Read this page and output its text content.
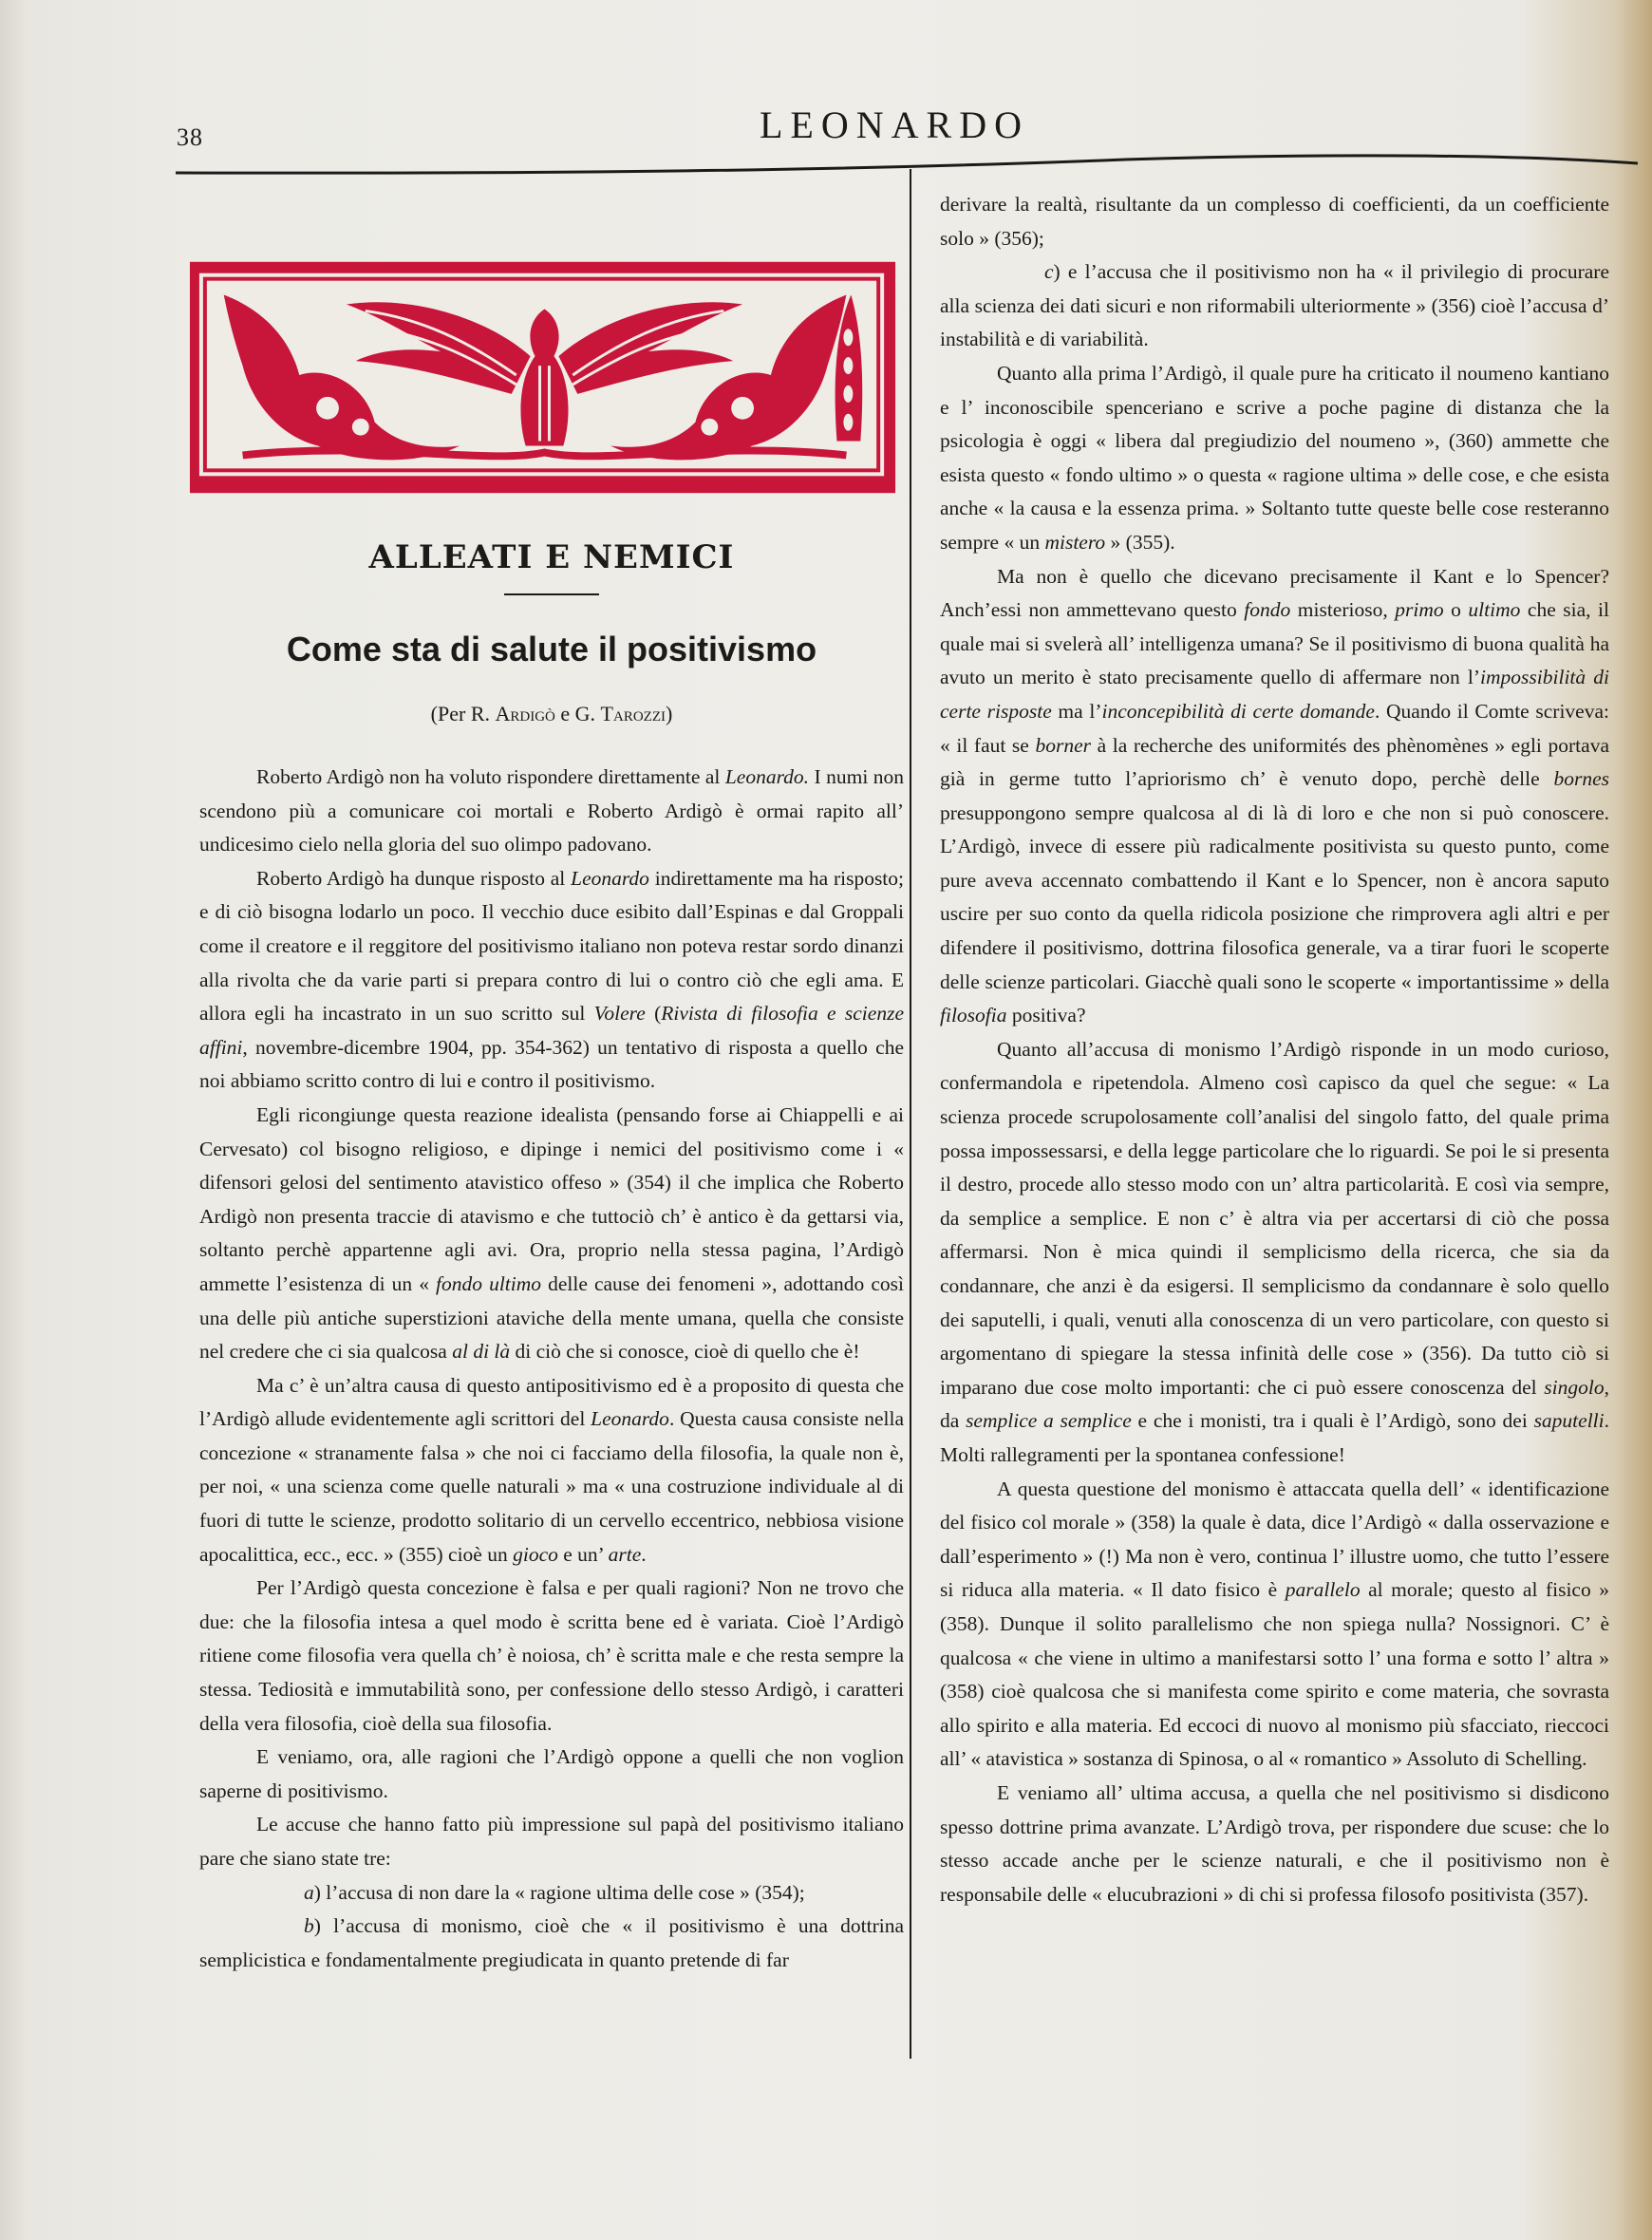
38	LEONARDO
ALLEATI E NEMICI
Come sta di salute il positivismo
(Per R. Ardigò e G. Tarozzi)

Roberto Ardigò non ha voluto rispondere direttamente al Leonardo. I numi non scendono più a comunicare coi mortali e Roberto Ardigò è ormai rapito all’ undicesimo cielo nella gloria del suo olimpo padovano.

Roberto Ardigò ha dunque risposto al Leonardo indirettamente ma ha risposto; e di ciò bisogna lodarlo un poco. Il vecchio duce esibito dall’Espinas e dal Groppali come il creatore e il reggitore del positivismo italiano non poteva restar sordo dinanzi alla rivolta che da varie parti si prepara contro di lui o contro ciò che egli ama. E allora egli ha incastrato in un suo scritto sul Volere (Rivista di filosofia e scienze affini, novembre-dicembre 1904, pp. 354-362) un tentativo di risposta a quello che noi abbiamo scritto contro di lui e contro il positivismo.

Egli ricongiunge questa reazione idealista (pensando forse ai Chiappelli e ai Cervesato) col bisogno religioso, e dipinge i nemici del positivismo come i « difensori gelosi del sentimento atavistico offeso » (354) il che implica che Roberto Ardigò non presenta traccie di atavismo e che tuttociò ch’ è antico è da gettarsi via, soltanto perchè appartenne agli avi. Ora, proprio nella stessa pagina, l’Ardigò ammette l’esistenza di un « fondo ultimo delle cause dei fenomeni », adottando così una delle più antiche superstizioni ataviche della mente umana, quella che consiste nel credere che ci sia qualcosa al di là di ciò che si conosce, cioè di quello che è!

Ma c’ è un’altra causa di questo antipositivismo ed è a proposito di questa che l’Ardigò allude evidentemente agli scrittori del Leonardo. Questa causa consiste nella concezione « stranamente falsa » che noi ci facciamo della filosofia, la quale non è, per noi, « una scienza come quelle naturali » ma « una costruzione individuale al di fuori di tutte le scienze, prodotto solitario di un cervello eccentrico, nebbiosa visione apocalittica, ecc., ecc. » (355) cioè un gioco e un’ arte.

Per l’Ardigò questa concezione è falsa e per quali ragioni? Non ne trovo che due: che la filosofia intesa a quel modo è scritta bene ed è variata. Cioè l’Ardigò ritiene come filosofia vera quella ch’ è noiosa, ch’ è scritta male e che resta sempre la stessa. Tediosità e immutabilità sono, per confessione dello stesso Ardigò, i caratteri della vera filosofia, cioè della sua filosofia.

E veniamo, ora, alle ragioni che l’Ardigò oppone a quelli che non voglion saperne di positivismo.

Le accuse che hanno fatto più impressione sul papà del positivismo italiano pare che siano state tre:

a) l’accusa di non dare la « ragione ultima delle cose » (354);

b) l’accusa di monismo, cioè che « il positivismo è una dottrina semplicistica e fondamentalmente pregiudicata in quanto pretende di far

derivare la realtà, risultante da un complesso di coefficienti, da un coefficiente solo » (356);

c) e l’accusa che il positivismo non ha « il privilegio di procurare alla scienza dei dati sicuri e non riformabili ulteriormente » (356) cioè l’accusa d’ instabilità e di variabilità.

Quanto alla prima l’Ardigò, il quale pure ha criticato il noumeno kantiano e l’ inconoscibile spenceriano e scrive a poche pagine di distanza che la psicologia è oggi « libera dal pregiudizio del noumeno », (360) ammette che esista questo « fondo ultimo » o questa « ragione ultima » delle cose, e che esista anche « la causa e la essenza prima. » Soltanto tutte queste belle cose resteranno sempre « un mistero » (355).

Ma non è quello che dicevano precisamente il Kant e lo Spencer? Anch’essi non ammettevano questo fondo misterioso, primo o ultimo che sia, il quale mai si svelerà all’ intelligenza umana? Se il positivismo di buona qualità ha avuto un merito è stato precisamente quello di affermare non l’impossibilità di certe risposte ma l’inconcepibilità di certe domande. Quando il Comte scriveva: « il faut se borner à la recherche des uniformités des phènomènes » egli portava già in germe tutto l’apriorismo ch’ è venuto dopo, perchè delle bornes presuppongono sempre qualcosa al di là di loro e che non si può conoscere. L’Ardigò, invece di essere più radicalmente positivista su questo punto, come pure aveva accennato combattendo il Kant e lo Spencer, non è ancora saputo uscire per suo conto da quella ridicola posizione che rimprovera agli altri e per difendere il positivismo, dottrina filosofica generale, va a tirar fuori le scoperte delle scienze particolari. Giacchè quali sono le scoperte « importantissime » della filosofia positiva?

Quanto all’accusa di monismo l’Ardigò risponde in un modo curioso, confermandola e ripetendola. Almeno così capisco da quel che segue: « La scienza procede scrupolosamente coll’analisi del singolo fatto, del quale prima possa impossessarsi, e della legge particolare che lo riguardi. Se poi le si presenta il destro, procede allo stesso modo con un’ altra particolarità. E così via sempre, da semplice a semplice. E non c’ è altra via per accertarsi di ciò che possa affermarsi. Non è mica quindi il semplicismo della ricerca, che sia da condannare, che anzi è da esigersi. Il semplicismo da condannare è solo quello dei saputelli, i quali, venuti alla conoscenza di un vero particolare, con questo si argomentano di spiegare la stessa infinità delle cose » (356). Da tutto ciò si imparano due cose molto importanti: che ci può essere conoscenza del singolo, da semplice a semplice e che i monisti, tra i quali è l’Ardigò, sono dei saputelli. Molti rallegramenti per la spontanea confessione!

A questa questione del monismo è attaccata quella dell’ « identificazione del fisico col morale » (358) la quale è data, dice l’Ardigò « dalla osservazione e dall’esperimento » (!) Ma non è vero, continua l’ illustre uomo, che tutto l’essere si riduca alla materia. « Il dato fisico è parallelo al morale; questo al fisico » (358). Dunque il solito parallelismo che non spiega nulla? Nossignori. C’ è qualcosa « che viene in ultimo a manifestarsi sotto l’ una forma e sotto l’ altra » (358) cioè qualcosa che si manifesta come spirito e come materia, che sovrasta allo spirito e alla materia. Ed eccoci di nuovo al monismo più sfacciato, rieccoci all’ « atavistica » sostanza di Spinosa, o al « romantico » Assoluto di Schelling.

E veniamo all’ ultima accusa, a quella che nel positivismo si disdicono spesso dottrine prima avanzate. L’Ardigò trova, per rispondere due scuse: che lo stesso accade anche per le scienze naturali, e che il positivismo non è responsabile delle « elucubrazioni » di chi si professa filosofo positivista (357).
